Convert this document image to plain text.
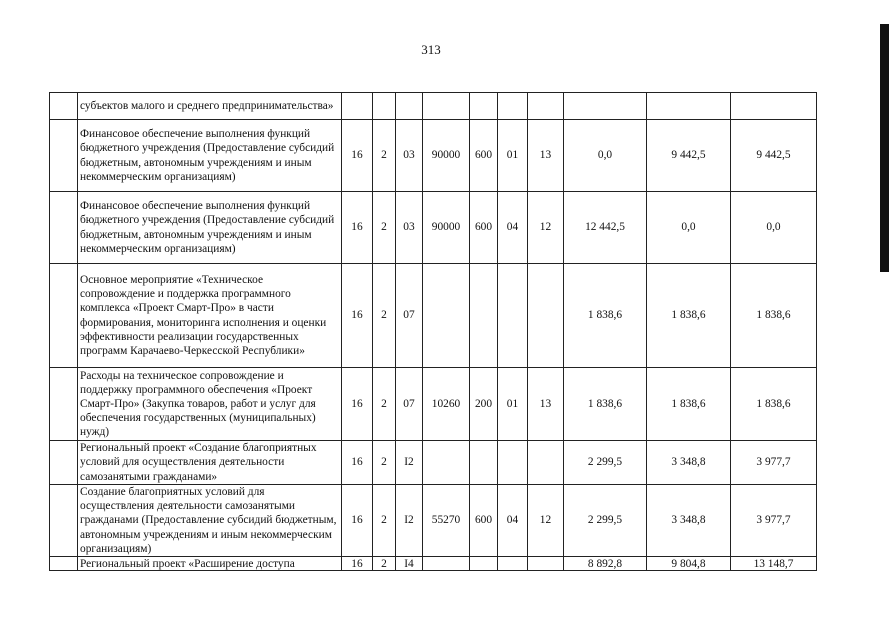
313
	субъектов малого и среднего предпринимательства»										
	Финансовое обеспечение выполнения функций бюджетного учреждения (Предоставление субсидий бюджетным, автономным учреждениям и иным некоммерческим организациям)	16	2	03	90000	600	01	13	0,0	9 442,5	9 442,5
	Финансовое обеспечение выполнения функций бюджетного учреждения (Предоставление субсидий бюджетным, автономным учреждениям и иным некоммерческим организациям)	16	2	03	90000	600	04	12	12 442,5	0,0	0,0
	Основное мероприятие «Техническое сопровождение и поддержка программного комплекса «Проект Смарт-Про» в части формирования, мониторинга исполнения и оценки эффективности реализации государственных программ Карачаево-Черкесской Республики»	16	2	07					1 838,6	1 838,6	1 838,6
	Расходы на техническое сопровождение и поддержку программного обеспечения «Проект Смарт-Про» (Закупка товаров, работ и услуг для обеспечения государственных (муниципальных) нужд)	16	2	07	10260	200	01	13	1 838,6	1 838,6	1 838,6
	Региональный проект «Создание благоприятных условий для осуществления деятельности самозанятыми гражданами»	16	2	I2					2 299,5	3 348,8	3 977,7
	Создание благоприятных условий для осуществления деятельности самозанятыми гражданами (Предоставление субсидий бюджетным, автономным учреждениям и иным некоммерческим организациям)	16	2	I2	55270	600	04	12	2 299,5	3 348,8	3 977,7
	Региональный проект «Расширение доступа	16	2	I4					8 892,8	9 804,8	13 148,7
